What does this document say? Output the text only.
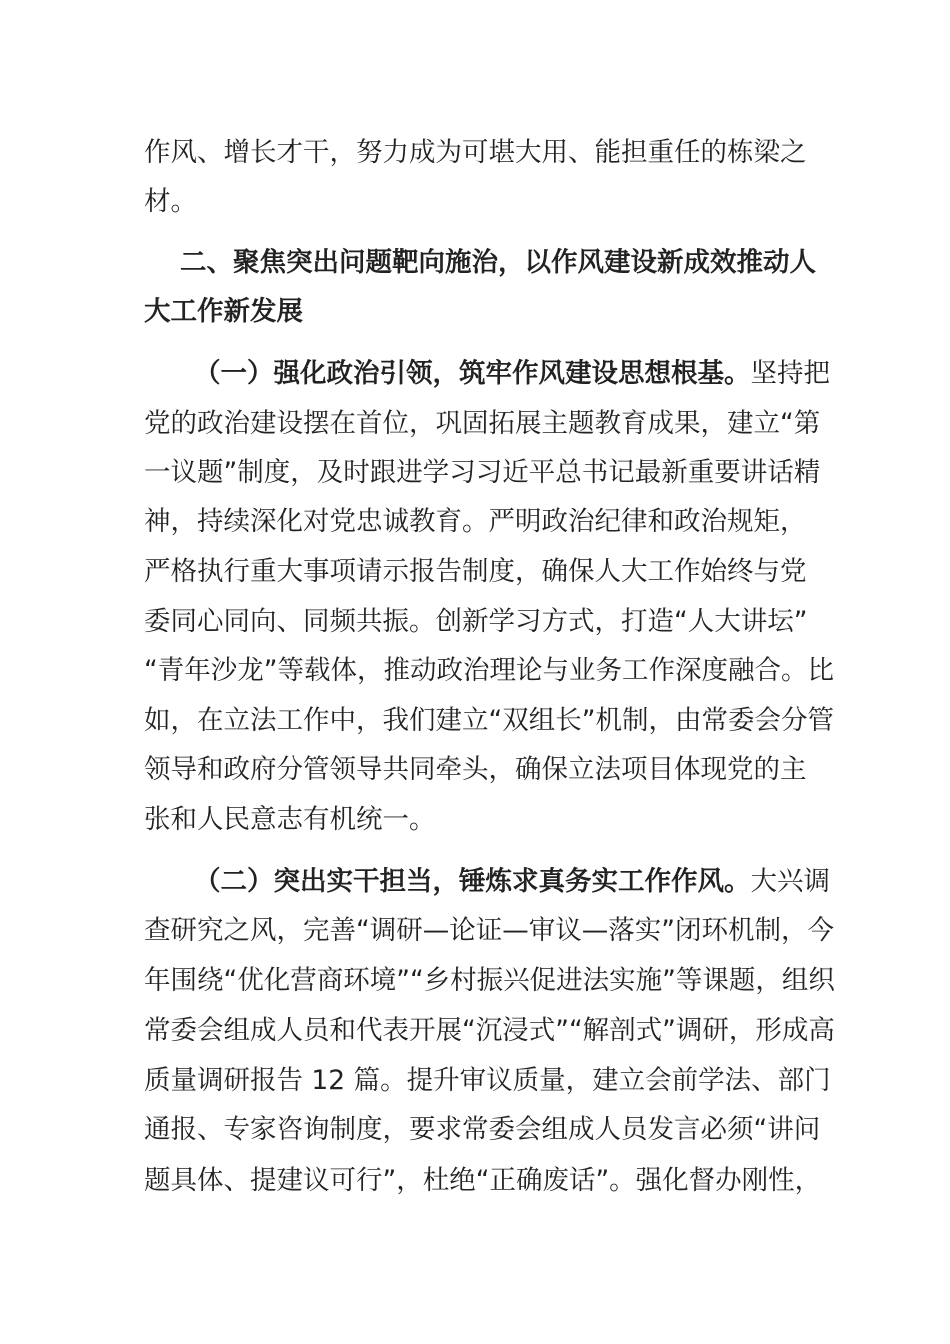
作风、增长才干，努力成为可堪大用、能担重任的栋梁之
材。
二、聚焦突出问题靶向施治，以作风建设新成效推动人
大工作新发展
（一）强化政治引领，筑牢作风建设思想根基。坚持把
党的政治建设摆在首位，巩固拓展主题教育成果，建立“第
一议题”制度，及时跟进学习习近平总书记最新重要讲话精
神，持续深化对党忠诚教育。严明政治纪律和政治规矩，
严格执行重大事项请示报告制度，确保人大工作始终与党
委同心同向、同频共振。创新学习方式，打造“人大讲坛”
“青年沙龙”等载体，推动政治理论与业务工作深度融合。比
如，在立法工作中，我们建立“双组长”机制，由常委会分管
领导和政府分管领导共同牵头，确保立法项目体现党的主
张和人民意志有机统一。
（二）突出实干担当，锤炼求真务实工作作风。大兴调
查研究之风，完善“调研—论证—审议—落实”闭环机制，今
年围绕“优化营商环境”“乡村振兴促进法实施”等课题，组织
常委会组成人员和代表开展“沉浸式”“解剖式”调研，形成高
质量调研报告 12 篇。提升审议质量，建立会前学法、部门
通报、专家咨询制度，要求常委会组成人员发言必须“讲问
题具体、提建议可行”，杜绝“正确废话”。强化督办刚性，
